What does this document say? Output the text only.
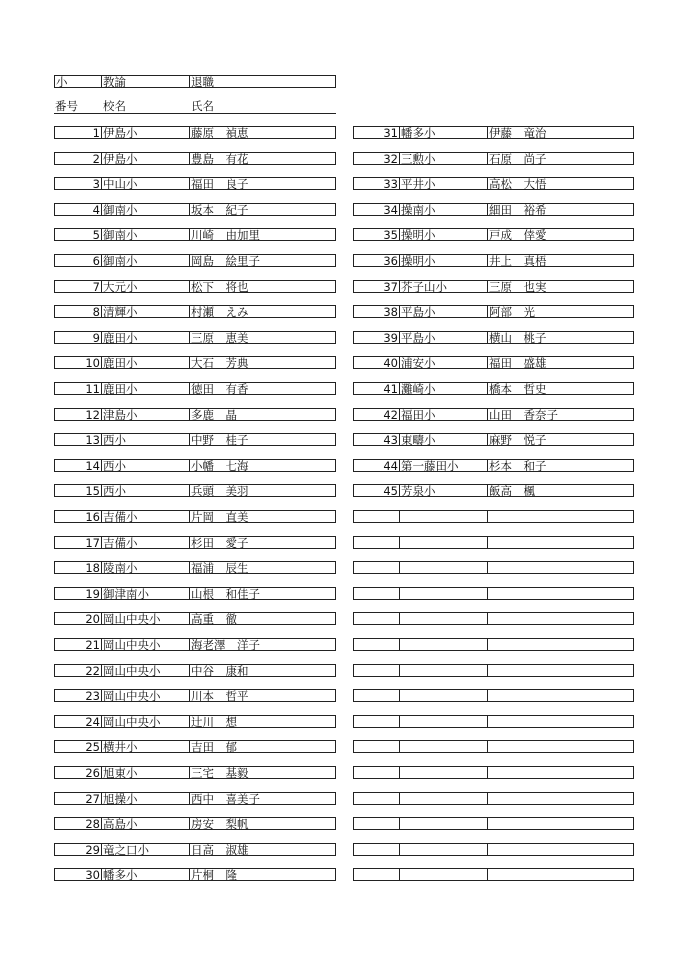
小	教諭	退職
番号	校名	氏名
1 伊島小	藤原　禎恵
2 伊島小	豊島　有花
3 中山小	福田　良子
4 御南小	坂本　紀子
5 御南小	川崎　由加里
6 御南小	岡島　絵里子
7 大元小	松下　将也
8 清輝小	村瀬　えみ
9 鹿田小	三原　恵美
10 鹿田小	大石　芳典
11 鹿田小	徳田　有香
12 津島小	多鹿　晶
13 西小	中野　桂子
14 西小	小幡　七海
15 西小	兵頭　美羽
16 吉備小	片岡　直美
17 吉備小	杉田　愛子
18 陵南小	福浦　辰生
19 御津南小	山根　和佳子
20 岡山中央小	高重　徹
21 岡山中央小	海老澤　洋子
22 岡山中央小	中谷　康和
23 岡山中央小	川本　哲平
24 岡山中央小	辻川　想
25 横井小	吉田　郁
26 旭東小	三宅　基毅
27 旭操小	西中　喜美子
28 高島小	房安　梨帆
29 竜之口小	日高　淑雄
30 幡多小	片桐　隆
31 幡多小	伊藤　竜治
32 三勲小	石原　尚子
33 平井小	高松　大悟
34 操南小	細田　裕希
35 操明小	戸成　倖愛
36 操明小	井上　真梧
37 芥子山小	三原　也実
38 平島小	阿部　光
39 平島小	横山　桃子
40 浦安小	福田　盛雄
41 灘崎小	橋本　哲史
42 福田小	山田　香奈子
43 東疇小	麻野　悦子
44 第一藤田小	杉本　和子
45 芳泉小	飯高　楓
